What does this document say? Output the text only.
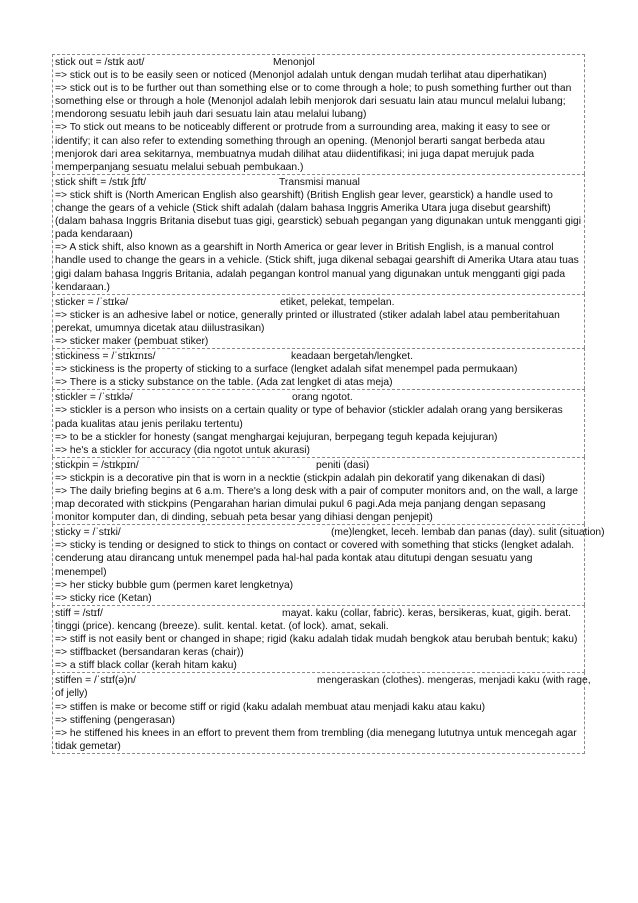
stick out = /stɪk aʊt/	Menonjol
=> stick out is to be easily seen or noticed (Menonjol adalah untuk dengan mudah terlihat atau diperhatikan)
=> stick out is to be further out than something else or to come through a hole; to push something further out than something else or through a hole (Menonjol adalah lebih menjorok dari sesuatu lain atau muncul melalui lubang; mendorong sesuatu lebih jauh dari sesuatu lain atau melalui lubang)
=> To stick out means to be noticeably different or protrude from a surrounding area, making it easy to see or identify; it can also refer to extending something through an opening. (Menonjol berarti sangat berbeda atau menjorok dari area sekitarnya, membuatnya mudah dilihat atau diidentifikasi; ini juga dapat merujuk pada memperpanjang sesuatu melalui sebuah pembukaan.)
stick shift = /stɪk ʃɪft/	Transmisi manual
=> stick shift is (North American English also gearshift) (British English gear lever, gearstick) a handle used to change the gears of a vehicle (Stick shift adalah (dalam bahasa Inggris Amerika Utara juga disebut gearshift) (dalam bahasa Inggris Britania disebut tuas gigi, gearstick) sebuah pegangan yang digunakan untuk mengganti gigi pada kendaraan)
=> A stick shift, also known as a gearshift in North America or gear lever in British English, is a manual control handle used to change the gears in a vehicle. (Stick shift, juga dikenal sebagai gearshift di Amerika Utara atau tuas gigi dalam bahasa Inggris Britania, adalah pegangan kontrol manual yang digunakan untuk mengganti gigi pada kendaraan.)
sticker = /ˈstɪkə/	etiket, pelekat, tempelan.
=> sticker is an adhesive label or notice, generally printed or illustrated (stiker adalah label atau pemberitahuan perekat, umumnya dicetak atau diilustrasikan)
=> sticker maker (pembuat stiker)
stickiness = /ˈstɪkɪnɪs/	keadaan bergetah/lengket.
=> stickiness is the property of sticking to a surface (lengket adalah sifat menempel pada permukaan)
=> There is a sticky substance on the table. (Ada zat lengket di atas meja)
stickler = /ˈstɪklə/	orang ngotot.
=> stickler is a person who insists on a certain quality or type of behavior (stickler adalah orang yang bersikeras pada kualitas atau jenis perilaku tertentu)
=> to be a stickler for honesty (sangat menghargai kejujuran, berpegang teguh kepada kejujuran)
=> he's a stickler for accuracy (dia ngotot untuk akurasi)
stickpin = /stɪkpɪn/	peniti (dasi)
=> stickpin is a decorative pin that is worn in a necktie (stickpin adalah pin dekoratif yang dikenakan di dasi)
=> The daily briefing begins at 6 a.m. There's a long desk with a pair of computer monitors and, on the wall, a large map decorated with stickpins (Pengarahan harian dimulai pukul 6 pagi.Ada meja panjang dengan sepasang monitor komputer dan, di dinding, sebuah peta besar yang dihiasi dengan penjepit)
sticky = /ˈstɪki/	(me)lengket, leceh. lembab dan panas (day). sulit (situation)
=> sticky is tending or designed to stick to things on contact or covered with something that sticks (lengket adalah. cenderung atau dirancang untuk menempel pada hal-hal pada kontak atau ditutupi dengan sesuatu yang menempel)
=> her sticky bubble gum (permen karet lengketnya)
=> sticky rice (Ketan)
stiff = /stɪf/	mayat. kaku (collar, fabric). keras, bersikeras, kuat, gigih. berat.
tinggi (price). kencang (breeze). sulit. kental. ketat. (of lock). amat, sekali.
=> stiff is not easily bent or changed in shape; rigid (kaku adalah tidak mudah bengkok atau berubah bentuk; kaku)
=> stiffbacket (bersandaran keras (chair))
=> a stiff black collar (kerah hitam kaku)
stiffen = /ˈstɪf(ə)n/	mengeraskan (clothes). mengeras, menjadi kaku (with rage,
of jelly)
=> stiffen is make or become stiff or rigid (kaku adalah membuat atau menjadi kaku atau kaku)
=> stiffening (pengerasan)
=> he stiffened his knees in an effort to prevent them from trembling (dia menegang lututnya untuk mencegah agar tidak gemetar)
